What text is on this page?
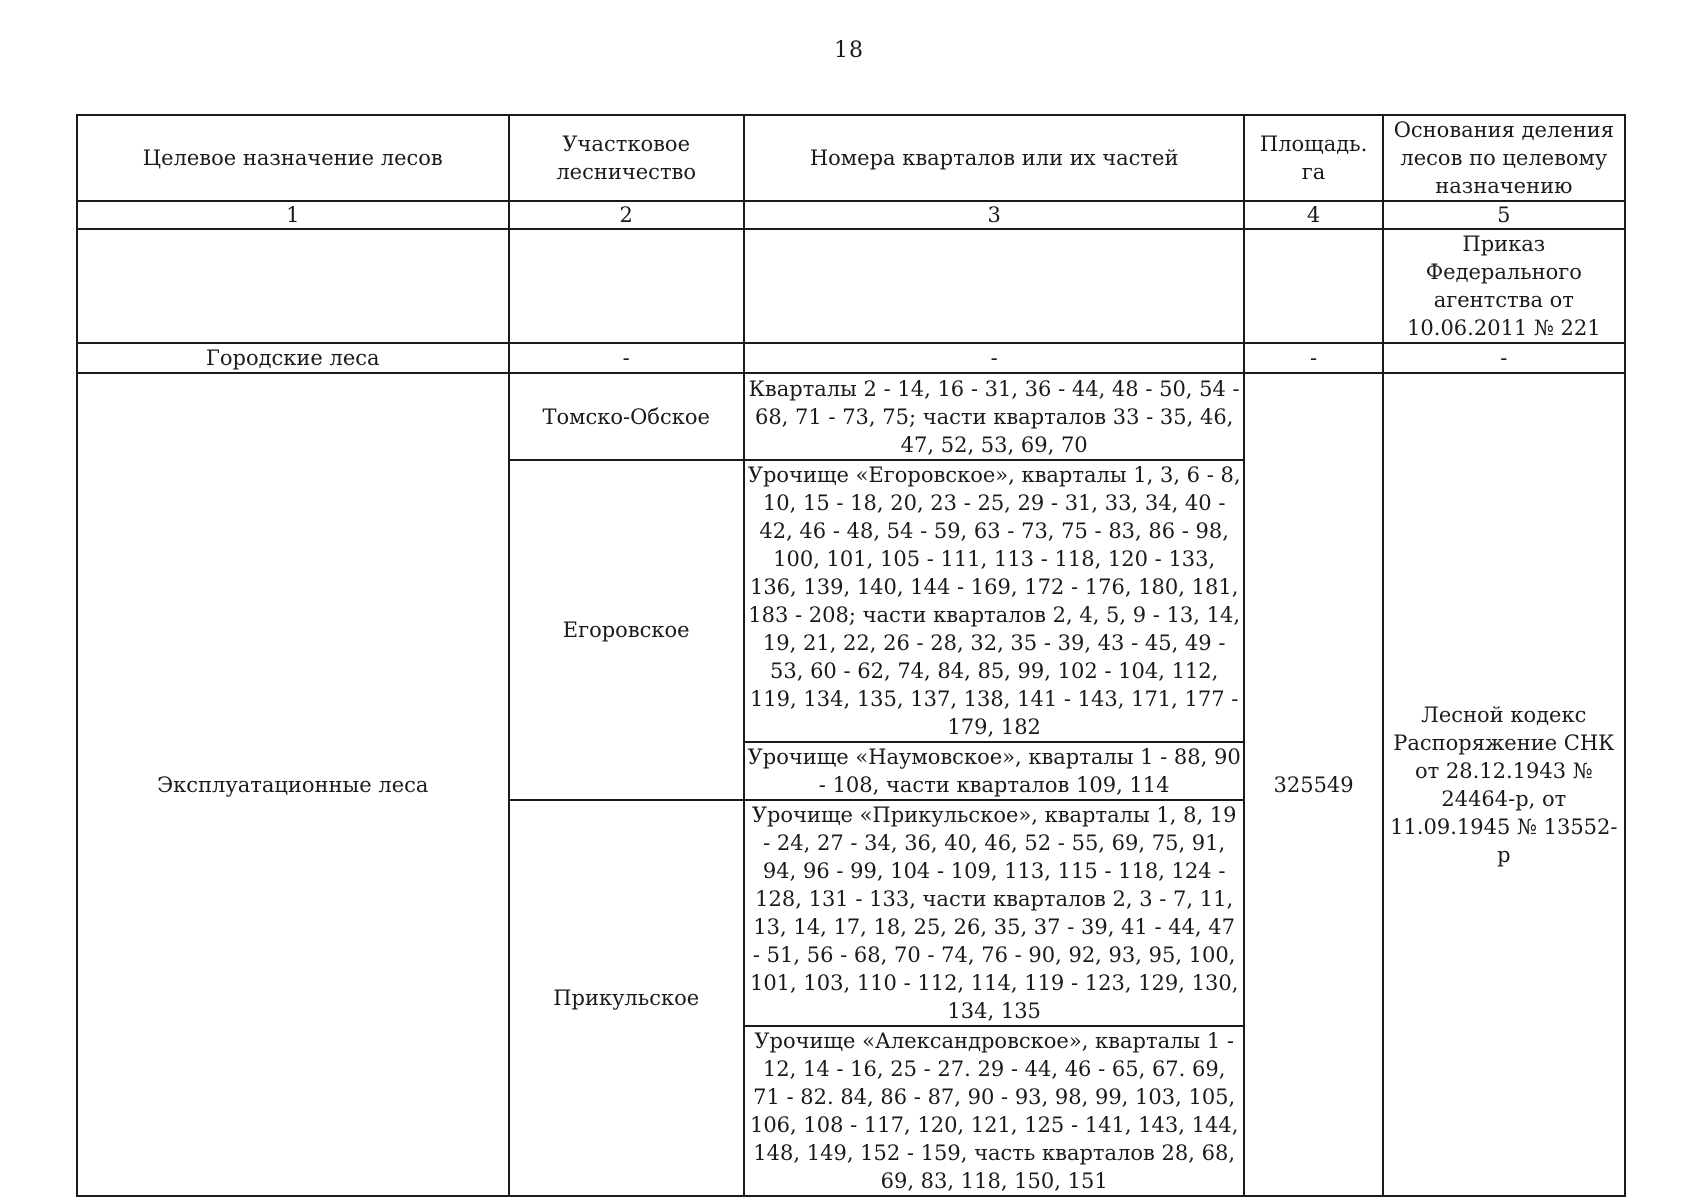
18
Целевое назначение лесов	Участковое лесничество	Номера кварталов или их частей	Площадь. га	Основания деления лесов по целевому назначению
1	2	3	4	5
				Приказ Федерального агентства от 10.06.2011 № 221
Городские леса	-	-	-	-
Эксплуатационные леса	Томско-Обское	Кварталы 2 - 14, 16 - 31, 36 - 44, 48 - 50, 54 - 68, 71 - 73, 75; части кварталов 33 - 35, 46, 47, 52, 53, 69, 70	325549	Лесной кодекс Распоряжение СНК от 28.12.1943 № 24464-р, от 11.09.1945 № 13552-р
	Егоровское	Урочище «Егоровское», кварталы 1, 3, 6 - 8, 10, 15 - 18, 20, 23 - 25, 29 - 31, 33, 34, 40 - 42, 46 - 48, 54 - 59, 63 - 73, 75 - 83, 86 - 98, 100, 101, 105 - 111, 113 - 118, 120 - 133, 136, 139, 140, 144 - 169, 172 - 176, 180, 181, 183 - 208; части кварталов 2, 4, 5, 9 - 13, 14, 19, 21, 22, 26 - 28, 32, 35 - 39, 43 - 45, 49 - 53, 60 - 62, 74, 84, 85, 99, 102 - 104, 112, 119, 134, 135, 137, 138, 141 - 143, 171, 177 - 179, 182		
		Урочище «Наумовское», кварталы 1 - 88, 90 - 108, части кварталов 109, 114		
	Прикульское	Урочище «Прикульское», кварталы 1, 8, 19 - 24, 27 - 34, 36, 40, 46, 52 - 55, 69, 75, 91, 94, 96 - 99, 104 - 109, 113, 115 - 118, 124 - 128, 131 - 133, части кварталов 2, 3 - 7, 11, 13, 14, 17, 18, 25, 26, 35, 37 - 39, 41 - 44, 47 - 51, 56 - 68, 70 - 74, 76 - 90, 92, 93, 95, 100, 101, 103, 110 - 112, 114, 119 - 123, 129, 130, 134, 135		
		Урочище «Александровское», кварталы 1 - 12, 14 - 16, 25 - 27. 29 - 44, 46 - 65, 67. 69, 71 - 82. 84, 86 - 87, 90 - 93, 98, 99, 103, 105, 106, 108 - 117, 120, 121, 125 - 141, 143, 144, 148, 149, 152 - 159, часть кварталов 28, 68, 69, 83, 118, 150, 151		
